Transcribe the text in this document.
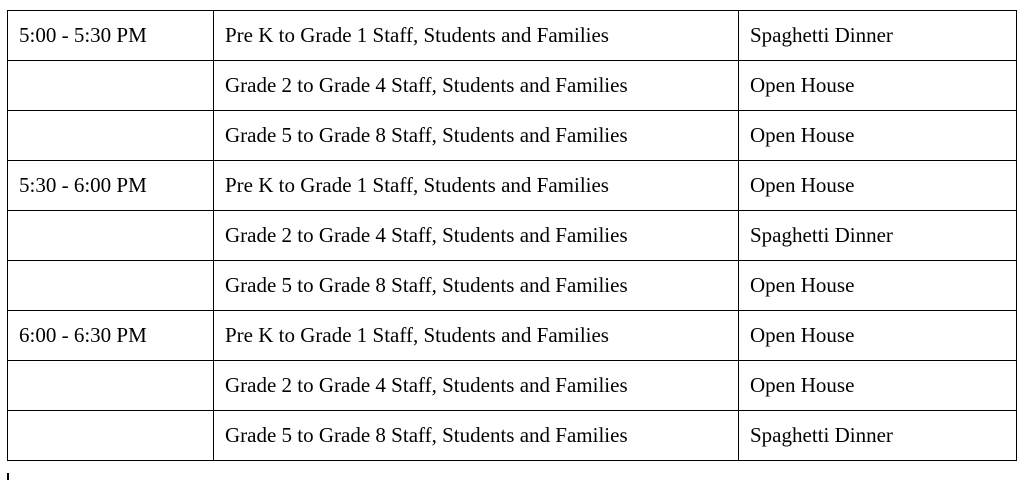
5:00 - 5:30 PM	Pre K to Grade 1 Staff, Students and Families	Spaghetti Dinner
	Grade 2 to Grade 4 Staff, Students and Families	Open House
	Grade 5 to Grade 8 Staff, Students and Families	Open House
5:30 - 6:00 PM	Pre K to Grade 1 Staff, Students and Families	Open House
	Grade 2 to Grade 4 Staff, Students and Families	Spaghetti Dinner
	Grade 5 to Grade 8 Staff, Students and Families	Open House
6:00 - 6:30 PM	Pre K to Grade 1 Staff, Students and Families	Open House
	Grade 2 to Grade 4 Staff, Students and Families	Open House
	Grade 5 to Grade 8 Staff, Students and Families	Spaghetti Dinner
